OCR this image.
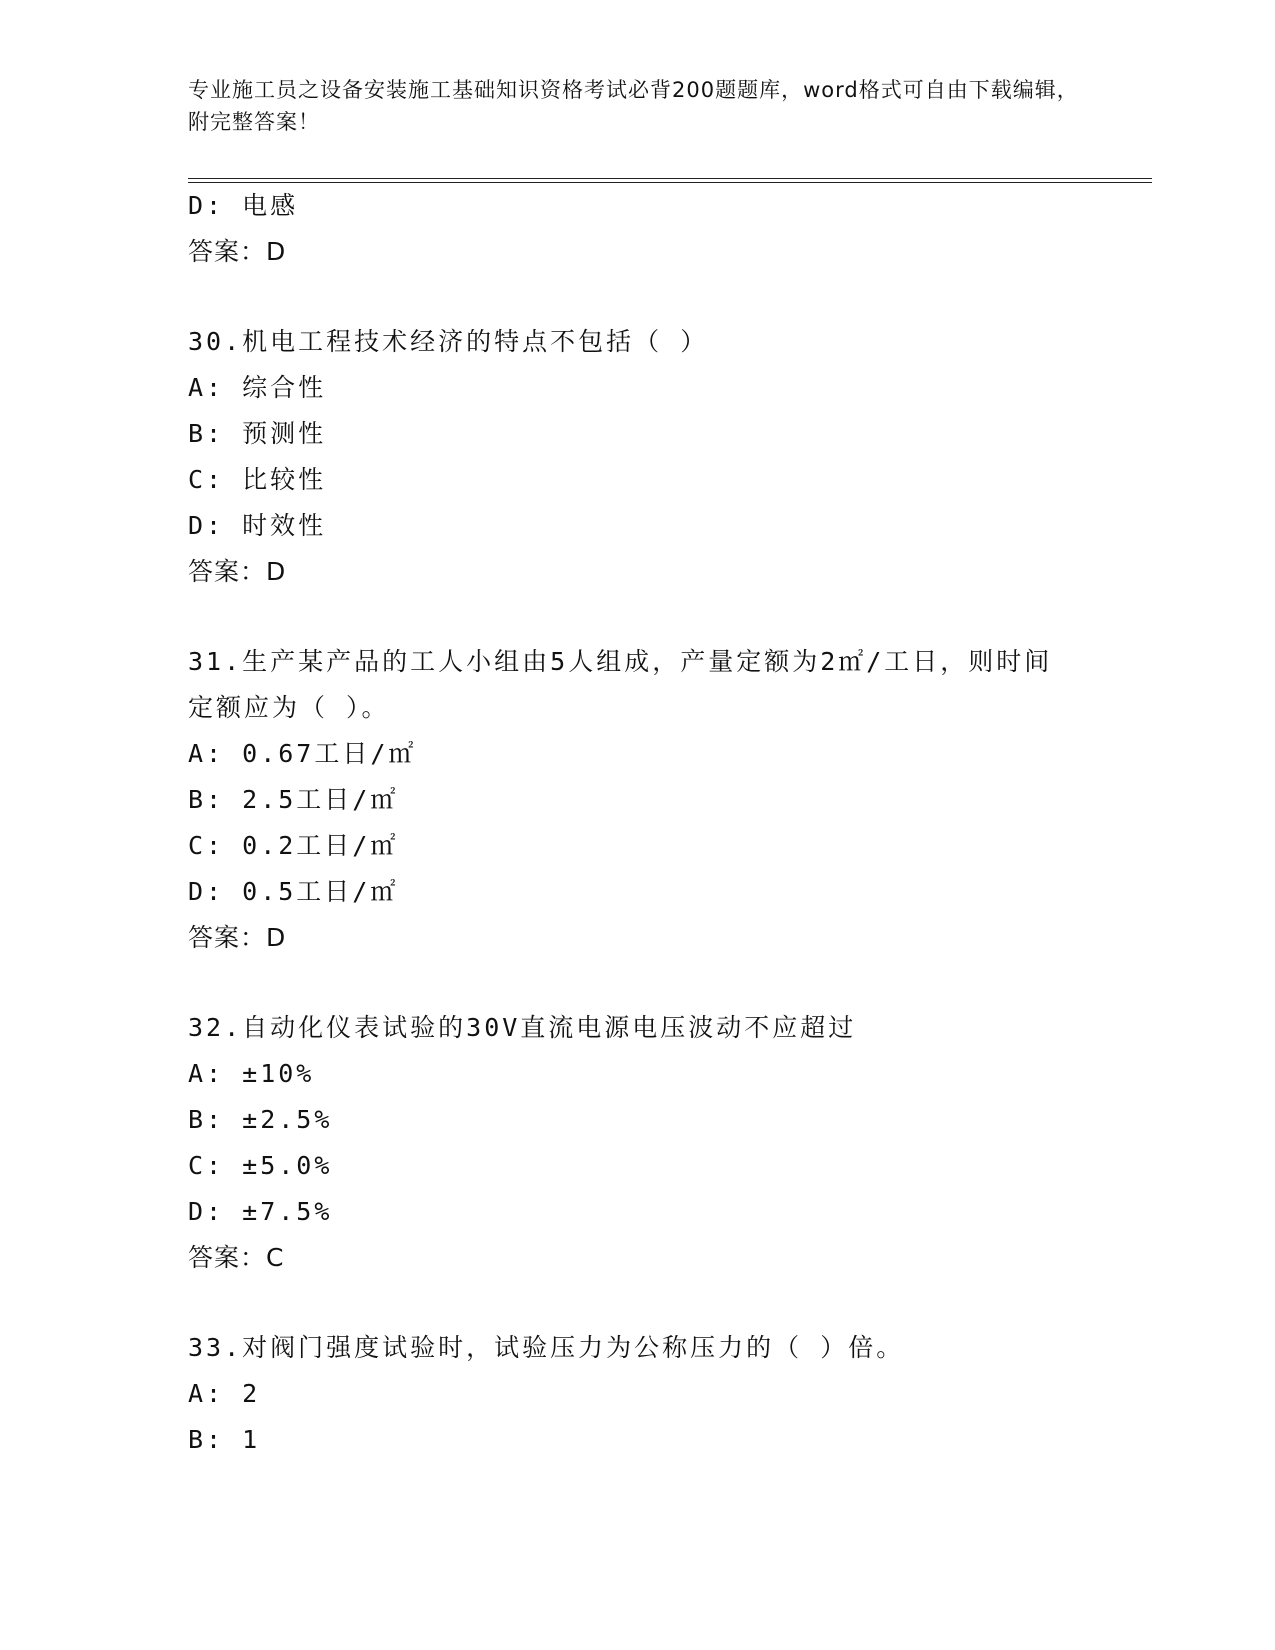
专业施工员之设备安装施工基础知识资格考试必背200题题库，word格式可自由下载编辑，附完整答案！
D: 电感
答案：D
30.机电工程技术经济的特点不包括（ ）
A: 综合性
B: 预测性
C: 比较性
D: 时效性
答案：D
31.生产某产品的工人小组由5人组成，产量定额为2㎡/工日，则时间定额应为（ ）。
A: 0.67工日/㎡
B: 2.5工日/㎡
C: 0.2工日/㎡
D: 0.5工日/㎡
答案：D
32.自动化仪表试验的30V直流电源电压波动不应超过
A: ±10%
B: ±2.5%
C: ±5.0%
D: ±7.5%
答案：C
33.对阀门强度试验时，试验压力为公称压力的（ ）倍。
A: 2
B: 1
